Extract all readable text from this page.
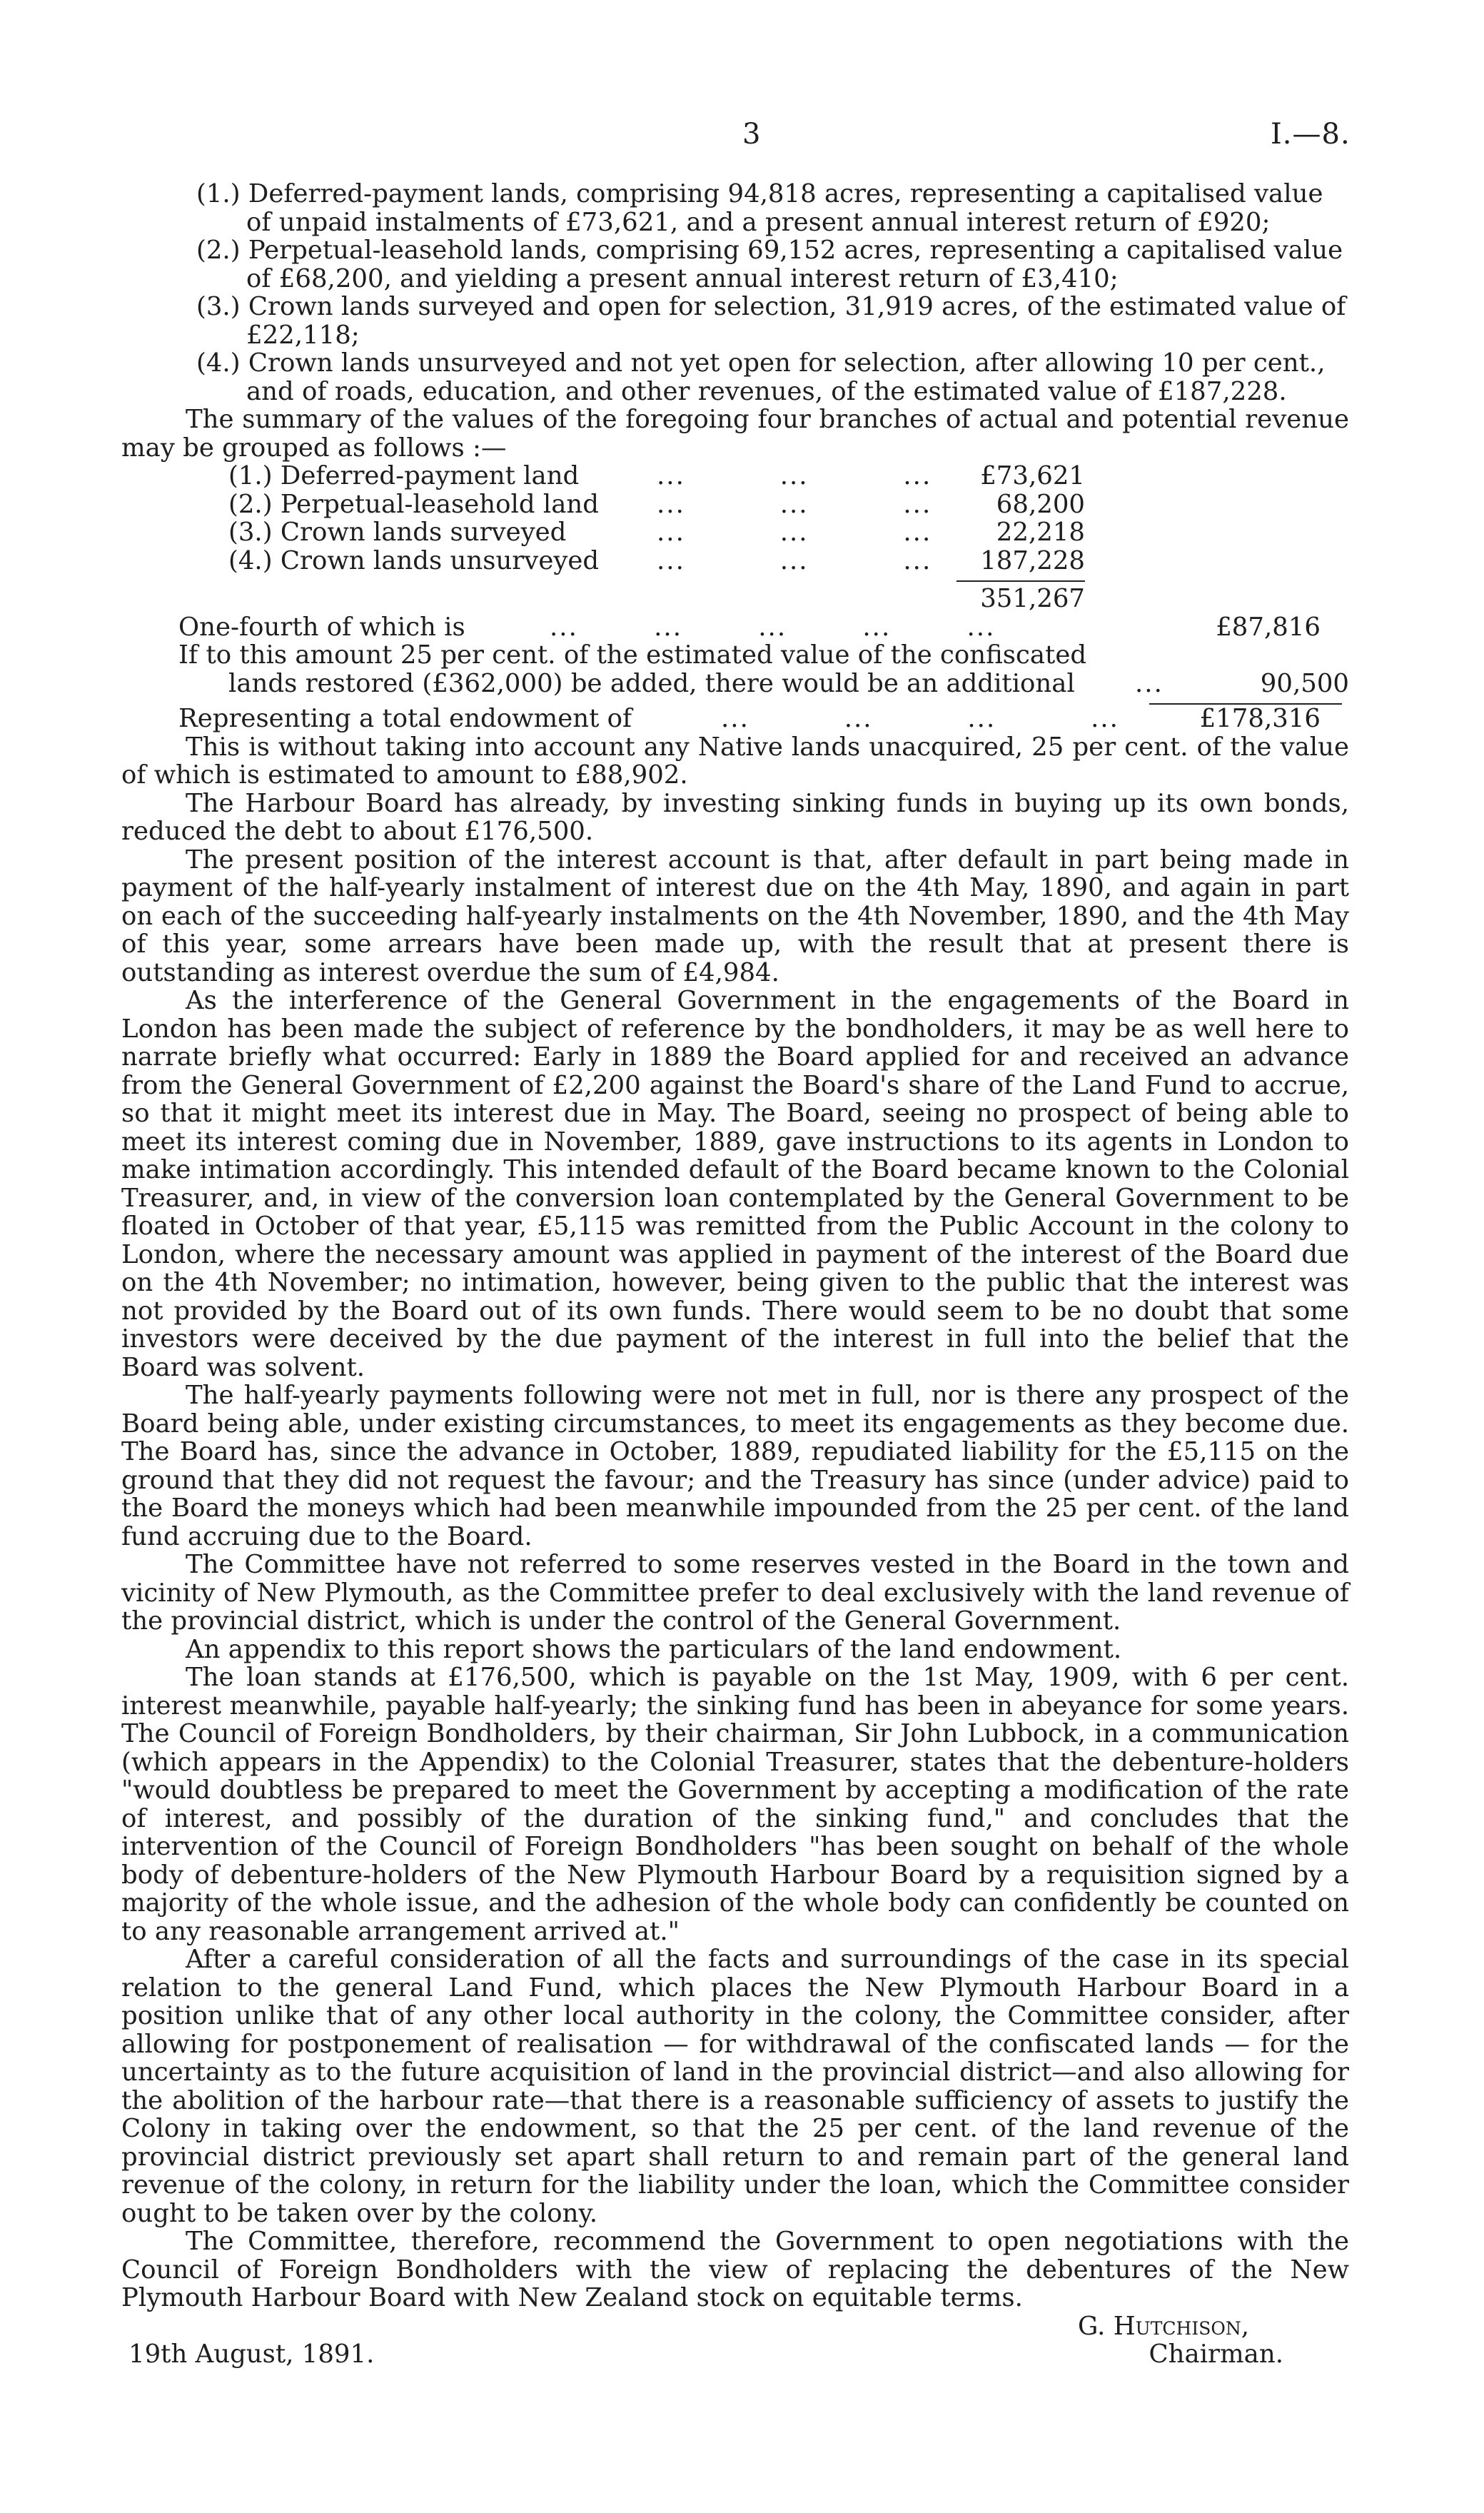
3	I.—8.

(1.) Deferred-payment lands, comprising 94,818 acres, representing a capitalised value of unpaid instalments of £73,621, and a present annual interest return of £920;

(2.) Perpetual-leasehold lands, comprising 69,152 acres, representing a capitalised value of £68,200, and yielding a present annual interest return of £3,410;

(3.) Crown lands surveyed and open for selection, 31,919 acres, of the estimated value of £22,118;

(4.) Crown lands unsurveyed and not yet open for selection, after allowing 10 per cent., and of roads, education, and other revenues, of the estimated value of £187,228.

The summary of the values of the foregoing four branches of actual and potential revenue may be grouped as follows :—

(1.) Deferred-payment land	...          ...          ...	£73,621
(2.) Perpetual-leasehold land	...          ...          ...	68,200
(3.) Crown lands surveyed	...          ...          ...	22,218
(4.) Crown lands unsurveyed	...          ...          ...	187,228
351,267
One-fourth of which is	...        ...        ...        ...        ...	£87,816
If to this amount 25 per cent. of the estimated value of the confiscated
lands restored (£362,000) be added, there would be an additional	...	90,500
Representing a total endowment of	...          ...          ...          ...	£178,316

This is without taking into account any Native lands unacquired, 25 per cent. of the value of which is estimated to amount to £88,902.

The Harbour Board has already, by investing sinking funds in buying up its own bonds, reduced the debt to about £176,500.

The present position of the interest account is that, after default in part being made in payment of the half-yearly instalment of interest due on the 4th May, 1890, and again in part on each of the succeeding half-yearly instalments on the 4th November, 1890, and the 4th May of this year, some arrears have been made up, with the result that at present there is outstanding as interest overdue the sum of £4,984.

As the interference of the General Government in the engagements of the Board in London has been made the subject of reference by the bondholders, it may be as well here to narrate briefly what occurred: Early in 1889 the Board applied for and received an advance from the General Government of £2,200 against the Board's share of the Land Fund to accrue, so that it might meet its interest due in May. The Board, seeing no prospect of being able to meet its interest coming due in November, 1889, gave instructions to its agents in London to make intimation accordingly. This intended default of the Board became known to the Colonial Treasurer, and, in view of the conversion loan contemplated by the General Government to be floated in October of that year, £5,115 was remitted from the Public Account in the colony to London, where the necessary amount was applied in payment of the interest of the Board due on the 4th November; no intimation, however, being given to the public that the interest was not provided by the Board out of its own funds. There would seem to be no doubt that some investors were deceived by the due payment of the interest in full into the belief that the Board was solvent.

The half-yearly payments following were not met in full, nor is there any prospect of the Board being able, under existing circumstances, to meet its engagements as they become due. The Board has, since the advance in October, 1889, repudiated liability for the £5,115 on the ground that they did not request the favour; and the Treasury has since (under advice) paid to the Board the moneys which had been meanwhile impounded from the 25 per cent. of the land fund accruing due to the Board.

The Committee have not referred to some reserves vested in the Board in the town and vicinity of New Plymouth, as the Committee prefer to deal exclusively with the land revenue of the provincial district, which is under the control of the General Government.

An appendix to this report shows the particulars of the land endowment.

The loan stands at £176,500, which is payable on the 1st May, 1909, with 6 per cent. interest meanwhile, payable half-yearly; the sinking fund has been in abeyance for some years. The Council of Foreign Bondholders, by their chairman, Sir John Lubbock, in a communication (which appears in the Appendix) to the Colonial Treasurer, states that the debenture-holders "would doubtless be prepared to meet the Government by accepting a modification of the rate of interest, and possibly of the duration of the sinking fund," and concludes that the intervention of the Council of Foreign Bondholders "has been sought on behalf of the whole body of debenture-holders of the New Plymouth Harbour Board by a requisition signed by a majority of the whole issue, and the adhesion of the whole body can confidently be counted on to any reasonable arrangement arrived at."

After a careful consideration of all the facts and surroundings of the case in its special relation to the general Land Fund, which places the New Plymouth Harbour Board in a position unlike that of any other local authority in the colony, the Committee consider, after allowing for postponement of realisation — for withdrawal of the confiscated lands — for the uncertainty as to the future acquisition of land in the provincial district—and also allowing for the abolition of the harbour rate—that there is a reasonable sufficiency of assets to justify the Colony in taking over the endowment, so that the 25 per cent. of the land revenue of the provincial district previously set apart shall return to and remain part of the general land revenue of the colony, in return for the liability under the loan, which the Committee consider ought to be taken over by the colony.

The Committee, therefore, recommend the Government to open negotiations with the Council of Foreign Bondholders with the view of replacing the debentures of the New Plymouth Harbour Board with New Zealand stock on equitable terms.

G. Hutchison,
Chairman.
19th August, 1891.
